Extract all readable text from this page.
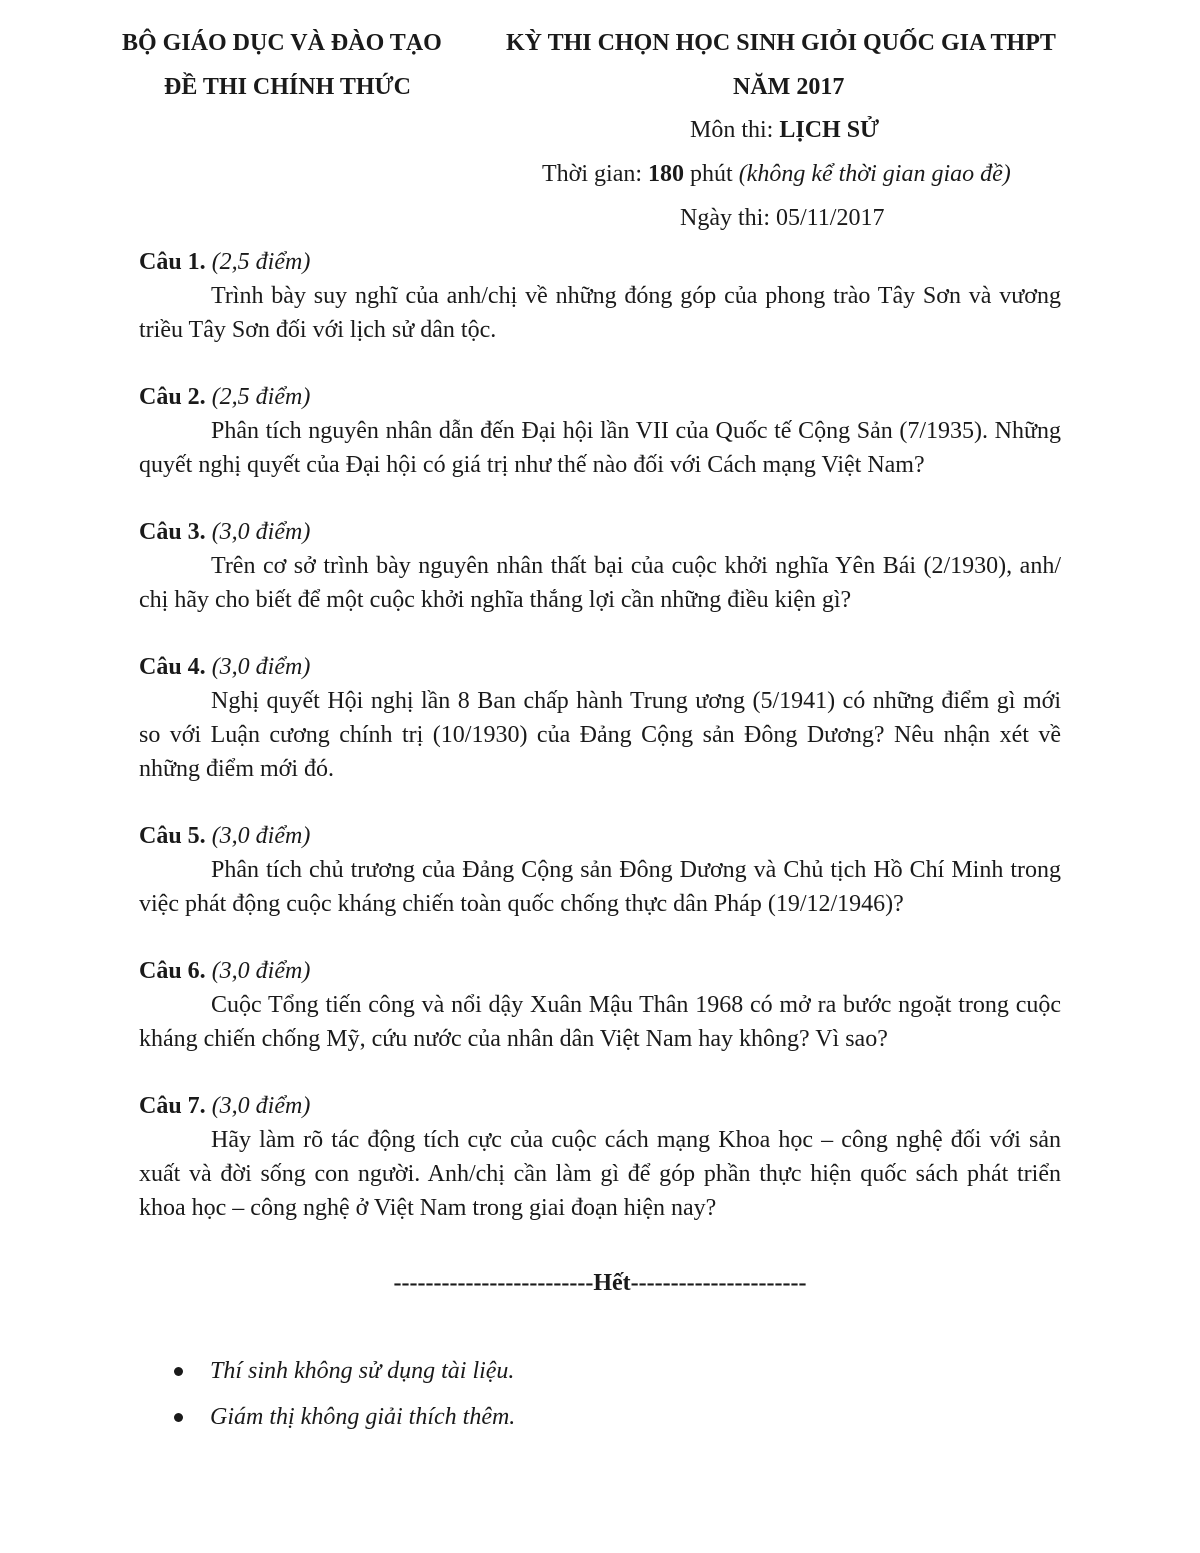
BỘ GIÁO DỤC VÀ ĐÀO TẠO
ĐỀ THI CHÍNH THỨC
KỲ THI CHỌN HỌC SINH GIỎI QUỐC GIA THPT
NĂM 2017
Môn thi: LỊCH SỬ
Thời gian: 180 phút (không kể thời gian giao đề)
Ngày thi: 05/11/2017
Câu 1. (2,5 điểm)
Trình bày suy nghĩ của anh/chị về những đóng góp của phong trào Tây Sơn và vương triều Tây Sơn đối với lịch sử dân tộc.
Câu 2. (2,5 điểm)
Phân tích nguyên nhân dẫn đến Đại hội lần VII của Quốc tế Cộng Sản (7/1935). Những quyết nghị quyết của Đại hội có giá trị như thế nào đối với Cách mạng Việt Nam?
Câu 3. (3,0 điểm)
Trên cơ sở trình bày nguyên nhân thất bại của cuộc khởi nghĩa Yên Bái (2/1930), anh/ chị hãy cho biết để một cuộc khởi nghĩa thắng lợi cần những điều kiện gì?
Câu 4. (3,0 điểm)
Nghị quyết Hội nghị lần 8 Ban chấp hành Trung ương (5/1941) có những điểm gì mới so với Luận cương chính trị (10/1930) của Đảng Cộng sản Đông Dương? Nêu nhận xét về những điểm mới đó.
Câu 5. (3,0 điểm)
Phân tích chủ trương của Đảng Cộng sản Đông Dương và Chủ tịch Hồ Chí Minh trong việc phát động cuộc kháng chiến toàn quốc chống thực dân Pháp (19/12/1946)?
Câu 6. (3,0 điểm)
Cuộc Tổng tiến công và nổi dậy Xuân Mậu Thân 1968 có mở ra bước ngoặt trong cuộc kháng chiến chống Mỹ, cứu nước của nhân dân Việt Nam hay không? Vì sao?
Câu 7. (3,0 điểm)
Hãy làm rõ tác động tích cực của cuộc cách mạng Khoa học – công nghệ đối với sản xuất và đời sống con người. Anh/chị cần làm gì để góp phần thực hiện quốc sách phát triển khoa học – công nghệ ở Việt Nam trong giai đoạn hiện nay?
-------------------------Hết----------------------
Thí sinh không sử dụng tài liệu.
Giám thị không giải thích thêm.
